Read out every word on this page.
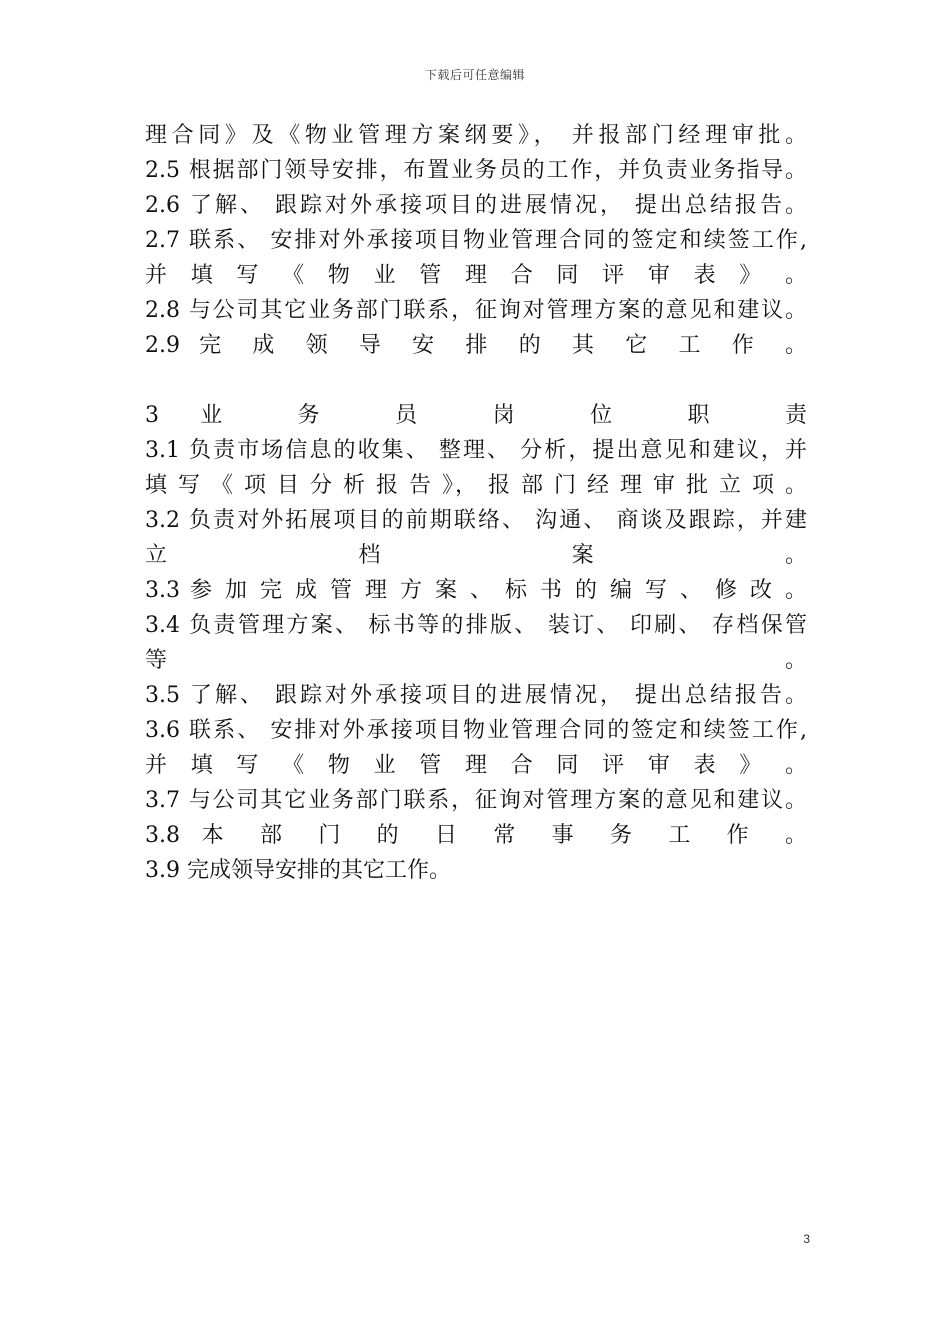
下载后可任意编辑
理合同》及《物业管理方案纲要》， 并报部门经理审批。
2.5 根据部门领导安排，布置业务员的工作，并负责业务指导。
2.6 了解、 跟踪对外承接项目的进展情况， 提出总结报告。
2.7 联系、 安排对外承接项目物业管理合同的签定和续签工作,
并 填 写 《 物 业 管 理 合 同 评 审 表 》 。
2.8 与公司其它业务部门联系，征询对管理方案的意见和建议。
2.9 完 成 领 导 安 排 的 其 它 工 作 。
3 业 务 员 岗 位 职 责
3.1 负责市场信息的收集、 整理、 分析，提出意见和建议，并
填 写 《 项 目 分 析 报 告 》， 报 部 门 经 理 审 批 立 项 。
3.2 负责对外拓展项目的前期联络、 沟通、 商谈及跟踪，并建
立 档 案 。
3.3 参 加 完 成 管 理 方 案 、 标 书 的 编 写 、 修 改 。
3.4 负责管理方案、 标书等的排版、 装订、 印刷、 存档保管
等 。
3.5 了解、 跟踪对外承接项目的进展情况， 提出总结报告。
3.6 联系、 安排对外承接项目物业管理合同的签定和续签工作,
并 填 写 《 物 业 管 理 合 同 评 审 表 》 。
3.7 与公司其它业务部门联系，征询对管理方案的意见和建议。
3.8 本 部 门 的 日 常 事 务 工 作 。
3.9 完成领导安排的其它工作。
3
